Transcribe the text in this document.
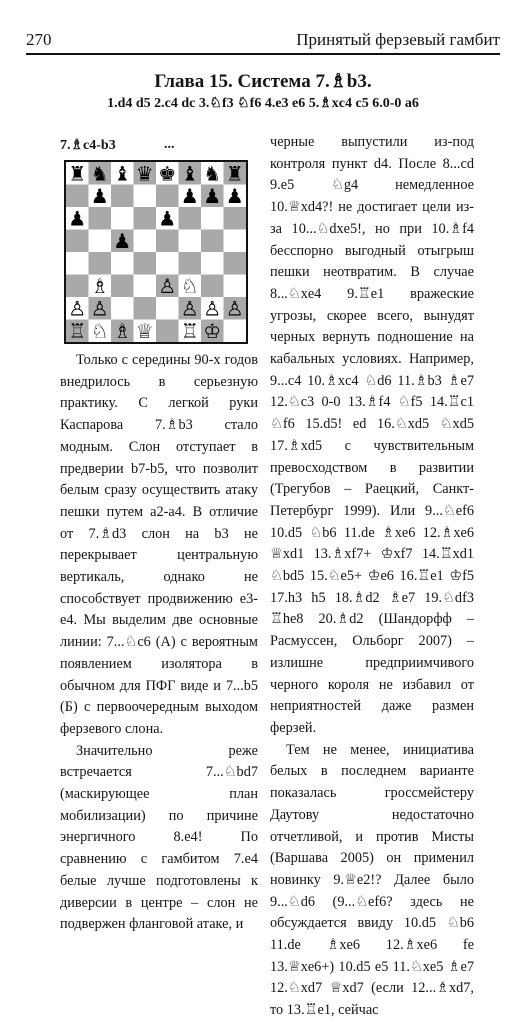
270	Принятый ферзевый гамбит
Глава 15. Система 7.♗b3.
1.d4 d5 2.c4 dc 3.♘f3 ♘f6 4.e3 e6 5.♗xc4 c5 6.0-0 a6
7.♗c4-b3	...
♜ ♝ ♛ ♚ ♝ ♜
♟	♟ ♟ ♟
♞	♞
♟	♟
♟
♗ ♙ ♘
♙ ♙	♙ ♙ ♙
♖ ♘ ♗ ♕ ♖ ♔

Только с середины 90-х годов внедрилось в серьезную практику. С легкой руки Каспарова 7.♗b3 стало модным. Слон отступает в предверии b7-b5, что позволит белым сразу осуществить атаку пешки путем a2-a4. В отличие от 7.♗d3 слон на b3 не перекрывает центральную вертикаль, однако не способствует продвижению e3-e4. Мы выделим две основные линии: 7...♘c6 (А) с вероятным появлением изолятора в обычном для ПФГ виде и 7...b5 (Б) с первоочередным выходом ферзевого слона.

Значительно реже встречается 7...♘bd7 (маскирующее план мобилизации) по причине энергичного 8.e4! По сравнению с гамбитом 7.e4 белые лучше подготовлены к диверсии в центре – слон не подвержен фланговой атаке, и

черные выпустили из-под контроля пункт d4. После 8...cd 9.e5 ♘g4 немедленное 10.♕xd4?! не достигает цели из-за 10...♘dxe5!, но при 10.♗f4 бесспорно выгодный отыгрыш пешки неотвратим. В случае 8...♘xe4 9.♖e1 вражеские угрозы, скорее всего, вынудят черных вернуть подношение на кабальных условиях. Например, 9...c4 10.♗xc4 ♘d6 11.♗b3 ♗e7 12.♘c3 0-0 13.♗f4 ♘f5 14.♖c1 ♘f6 15.d5! ed 16.♘xd5 ♘xd5 17.♗xd5 с чувствительным превосходством в развитии (Трегубов – Раецкий, Санкт-Петербург 1999). Или 9...♘ef6 10.d5 ♘b6 11.de ♗xe6 12.♗xe6 ♕xd1 13.♗xf7+ ♔xf7 14.♖xd1 ♘bd5 15.♘e5+ ♔e6 16.♖e1 ♔f5 17.h3 h5 18.♗d2 ♗e7 19.♘df3 ♖he8 20.♗d2 (Шандорфф – Расмуссен, Ольборг 2007) – излишне предприимчивого черного короля не избавил от неприятностей даже размен ферзей.

Тем не менее, инициатива белых в последнем варианте показалась гроссмейстеру Даутову недостаточно отчетливой, и против Мисты (Варшава 2005) он применил новинку 9.♕e2!? Далее было 9...♘d6 (9...♘ef6? здесь не обсуждается ввиду 10.d5 ♘b6 11.de ♗xe6 12.♗xe6 fe 13.♕xe6+) 10.d5 e5 11.♘xe5 ♗e7 12.♘xd7 ♕xd7 (если 12...♗xd7, то 13.♖e1, сейчас
